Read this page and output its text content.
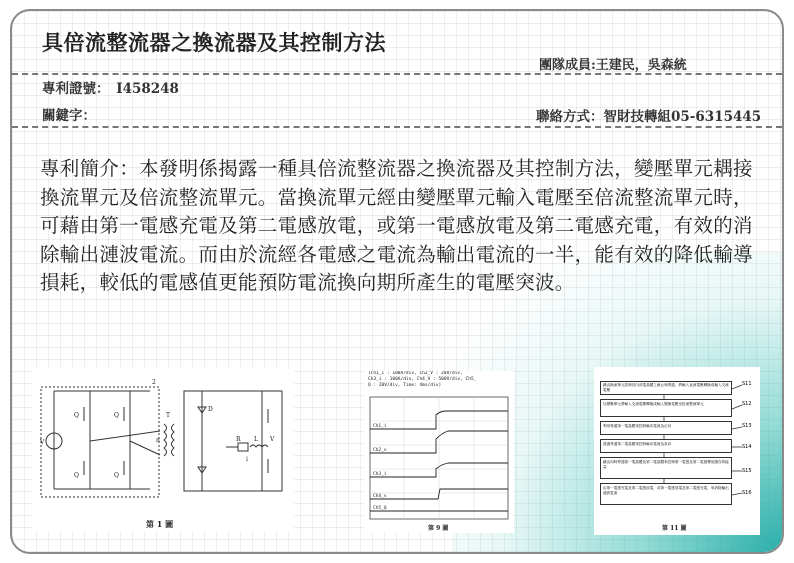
具倍流整流器之換流器及其控制方法
團隊成員:王建民，吳森統
專利證號：　I458248
關鍵字：	聯絡方式：智財技轉組05-6315445
專利簡介：本發明係揭露一種具倍流整流器之換流器及其控制方法，變壓單元耦接換流單元及倍流整流單元。當換流單元經由變壓單元輸入電壓至倍流整流單元時，可藉由第一電感充電及第二電感放電，或第一電感放電及第二電感充電，有效的消除輸出漣波電流。而由於流經各電感之電流為輸出電流的一半，能有效的降低輸導損耗，較低的電感值更能預防電流換向期所產生的電壓突波。
2
V
Q	Q
Q	Q
T
n
D
R L
i
V
第 1 圖
(Ch1_i : 100A/div, Ch2_V : 20V/div,
Ch3_i : 100A/div, Ch4_V : 500V/div, Ch5_
Q : 20V/div, Time: 4ms/div)
Ch1_i
Ch2_v
Ch3_i
Ch4_v
Ch5_Q
第 9 圖
藉由換流單元控制其內部電晶體之截止與導通，將輸入直流電壓轉換成輸入交流電壓
以變壓單元將輸入交流電壓轉換成輸入變換電壓至倍流整流單元
利用導通第一電晶體來控制輸出電流為正向
透過導通第二電晶體來控制輸出電流為負向
藉由同時導通第一電晶體及第二電晶體來控制第一電感及第二電感釋放儲存的能量
由第一電感充電及第二電感放電，或第一電感放電及第二電感充電，來消除輸出漣波電流
S11
S12
S13
S14
S15
S16
第 11 圖
